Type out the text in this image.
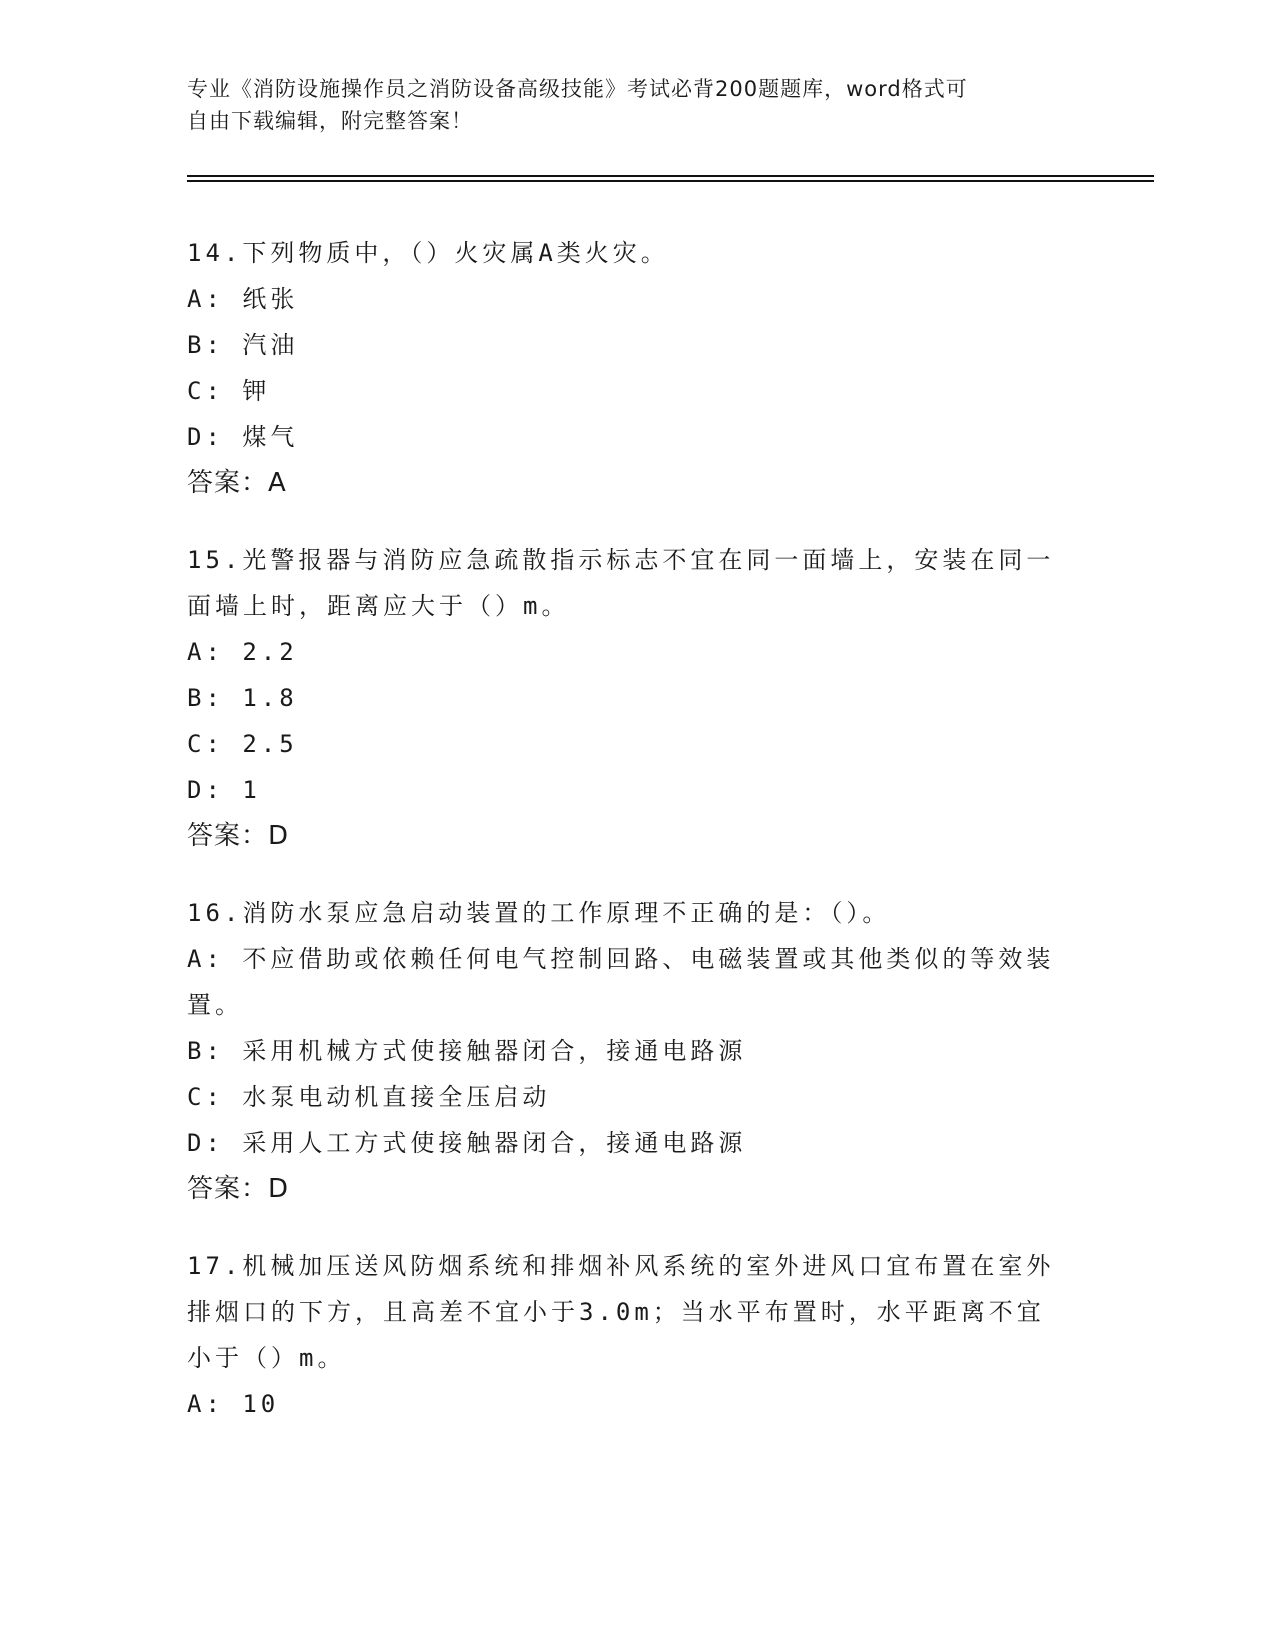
专业《消防设施操作员之消防设备高级技能》考试必背200题题库，word格式可
自由下载编辑，附完整答案！
14.下列物质中，（）火灾属A类火灾。
A: 纸张
B: 汽油
C: 钾
D: 煤气
答案：A
15.光警报器与消防应急疏散指示标志不宜在同一面墙上，安装在同一
面墙上时，距离应大于（）m。
A: 2.2
B: 1.8
C: 2.5
D: 1
答案：D
16.消防水泵应急启动装置的工作原理不正确的是：（）。
A: 不应借助或依赖任何电气控制回路、电磁装置或其他类似的等效装
置。
B: 采用机械方式使接触器闭合，接通电路源
C: 水泵电动机直接全压启动
D: 采用人工方式使接触器闭合，接通电路源
答案：D
17.机械加压送风防烟系统和排烟补风系统的室外进风口宜布置在室外
排烟口的下方，且高差不宜小于3.0m；当水平布置时，水平距离不宜
小于（）m。
A: 10
